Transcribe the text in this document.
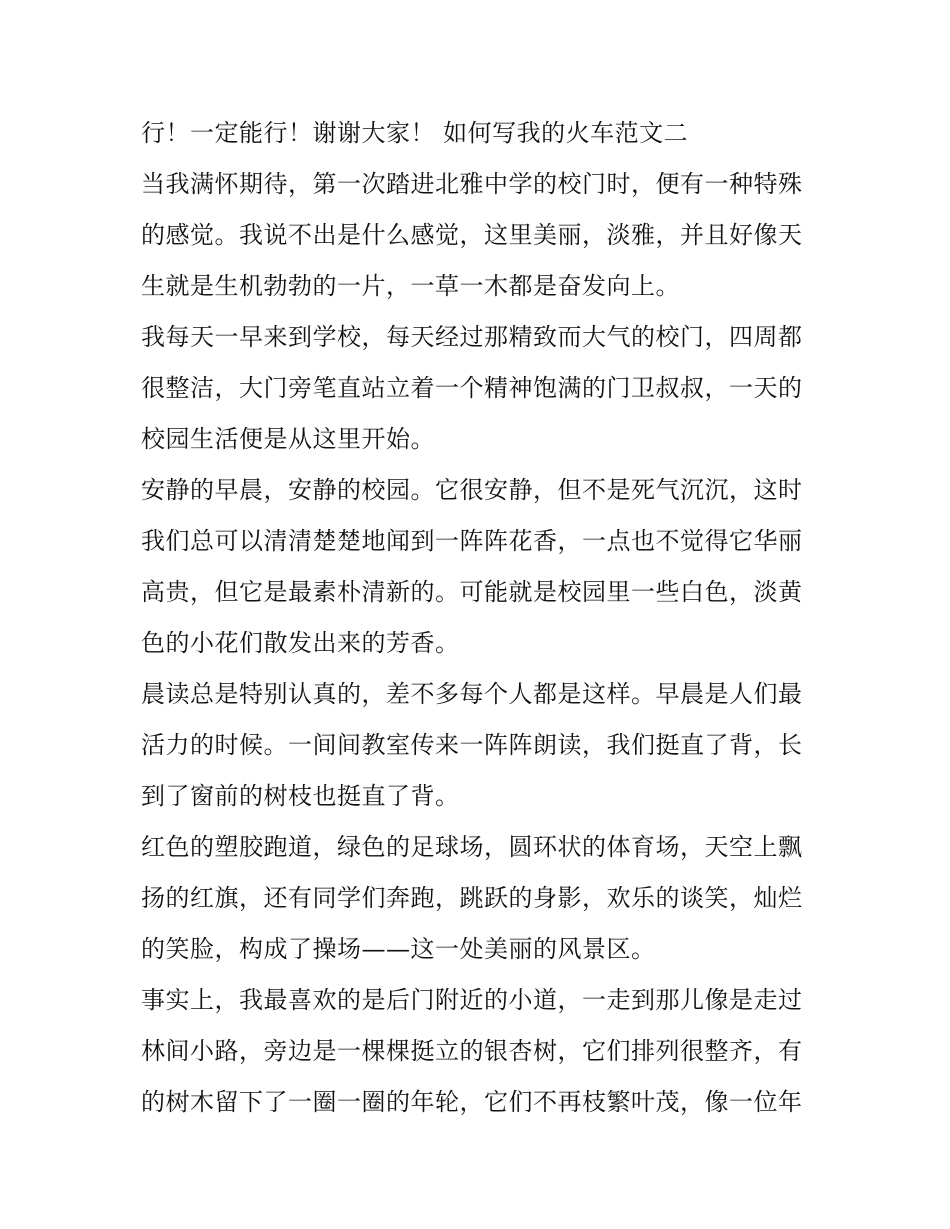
行！一定能行！谢谢大家！ 如何写我的火车范文二
当我满怀期待，第一次踏进北雅中学的校门时，便有一种特殊
的感觉。我说不出是什么感觉，这里美丽，淡雅，并且好像天
生就是生机勃勃的一片，一草一木都是奋发向上。
我每天一早来到学校，每天经过那精致而大气的校门，四周都
很整洁，大门旁笔直站立着一个精神饱满的门卫叔叔，一天的
校园生活便是从这里开始。
安静的早晨，安静的校园。它很安静，但不是死气沉沉，这时
我们总可以清清楚楚地闻到一阵阵花香，一点也不觉得它华丽
高贵，但它是最素朴清新的。可能就是校园里一些白色，淡黄
色的小花们散发出来的芳香。
晨读总是特别认真的，差不多每个人都是这样。早晨是人们最
活力的时候。一间间教室传来一阵阵朗读，我们挺直了背，长
到了窗前的树枝也挺直了背。
红色的塑胶跑道，绿色的足球场，圆环状的体育场，天空上飘
扬的红旗，还有同学们奔跑，跳跃的身影，欢乐的谈笑，灿烂
的笑脸，构成了操场——这一处美丽的风景区。
事实上，我最喜欢的是后门附近的小道，一走到那儿像是走过
林间小路，旁边是一棵棵挺立的银杏树，它们排列很整齐，有
的树木留下了一圈一圈的年轮，它们不再枝繁叶茂，像一位年
